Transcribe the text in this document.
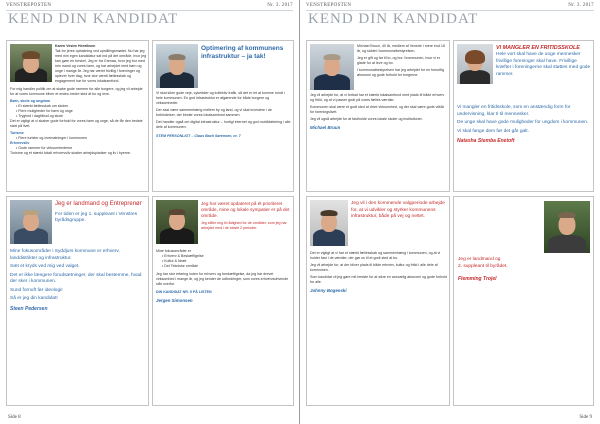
VENSTREPOSTEN	Nr. 3. 2017
KEND DIN KANDIDAT
Karen Vestre Henriksen
Tak for jeres opbakning ved opstillingsmødet. Nu har jeg med min egen kandidatur sat ind på det område, hvor jeg kan gøre en forskel. Jeg er fra Grenaa, hvor jeg bor med min mand og vores børn, og har arbejdet med børn og unge i mange år. Jeg har været frivillig i foreninger og oplever hver dag, hvor stor værdi fællesskab og engagement har for vores lokalsamfund.

For mig handler politik om at skabe gode rammer for alle borgere, og jeg vil arbejde for at vores kommune bliver et endnu bedre sted at bo og leve.

Børn, skole og ungdom
• Et stærkt fællesskab om skolen
• Flere muligheder for børn og unge
• Tryghed i dagtilbud og skole

Det er vigtigt at vi skaber gode forhold for vores børn og unge, så de får den bedste start på livet.

Turisme
• Flere turister og overnatninger i kommunen
Erhvervsliv
• Gode rammer for virksomhederne

Turisme og et stærkt lokalt erhvervsliv skaber arbejdspladser og liv i byerne.

Optimering af kommunens infrastruktur – ja tak!

Vi skal sikre gode veje, cykelstier og kollektiv trafik, så det er let at komme rundt i hele kommunen. En god infrastruktur er afgørende for både borgere og virksomheder.

Der skal være sammenhæng mellem by og land, og vi skal investere i de forbindelser, der binder vores lokalsamfund sammen.

Det handler også om digital infrastruktur – hurtigt internet og god mobildækning i alle dele af kommunen.

STEM PERSONLIGT – Claus Bach Sørensen, nr. 7
Jeg er landmand og Entreprenør
For tiden er jeg 1. suppleant i Venstres byrådsgruppe.

Mine fokusområder i Syddjurs kommune er erhverv, landdistrikter og infrastruktur.

Sæt et kryds ved mig ved valget.

Det er ikke længere forudsætninger, der skal bestemme, hvad der sker i kommunen.

Sund fornuft før ideologi!

Så er jeg din kandidat!

Steen Pedersen
Jeg har været opdateret på ét prioriteret område, mine og lokale sympatier er på det område.
Jeg stiller mig til rådighed for de områder, som jeg har arbejdet med i de sidste 2 perioder.
Mine fokusområder er
• Erhverv & Beskæftigelse
• Kultur & Idræt
• Det Tekniske område

Jeg har stor erfaring inden for erhverv og beskæftigelse, da jeg har drevet virksomhed i mange år, og jeg kender de udfordringer, som vores erhvervsdrivende står overfor.

DIN KANDIDAT NR. 5 PÅ LISTEN
Jergen Simonsen
Side 8
VENSTREPOSTEN	Nr. 3. 2017
KEND DIN KANDIDAT
Michael Bruun, 40 år, medlem af Venstre i mere end 18 år, og siddet i kommunalbestyrelsen.
Jeg er gift og far til to, og bor i kommunen, hvor vi er glade for at leve og bo.
I kommunalbestyrelsen har jeg arbejdet for en fornuftig økonomi og gode forhold for borgerne.

Jeg vil arbejde for, at vi fortsat har et stærkt lokalsamfund med plads til både erhverv og fritid, og at vi passer godt på vores fælles værdier.

Kommunen skal være et godt sted at drive virksomhed, og der skal være gode vilkår for foreningslivet.

Jeg vil også arbejde for at fastholde vores lokale skoler og institutioner.

Michael Bruun
VI MANGLER EN FRITIDSSKOLE
Hele vort skal have de unge mennesker frivillige foreninger skal have. Frivillige kræfter i foreningerne skal støttes med gode rammer.

Vi mangler en fritidsskole, som en anstændig form for undervisning, klar ti til mennesker.

De unge skal have gode muligheder for ungdom i kommunen.

Vi skal fange dem før det går galt.

Natasha Stemba Enetoft
Jeg vil i den kommende valgperiode arbejde for, at vi udvikler og styrker kommunens infrastruktur, både på vej og nettet.

Det er vigtigt at vi har et stærkt fællesskab og sammenhæng i kommunen, og at vi holder fast i de værdier, der gør os til et godt sted at bo.

Jeg vil arbejde for, at der bliver plads til både erhverv, kultur og fritid i alle dele af kommunen.

Som kandidat vil jeg gøre mit bedste for at sikre en ansvarlig økonomi og gode forhold for alle.

Johnny Bogenski
Jeg er landmand og
2. suppleant til byrådet.
Flemming Trojel
Side 9
